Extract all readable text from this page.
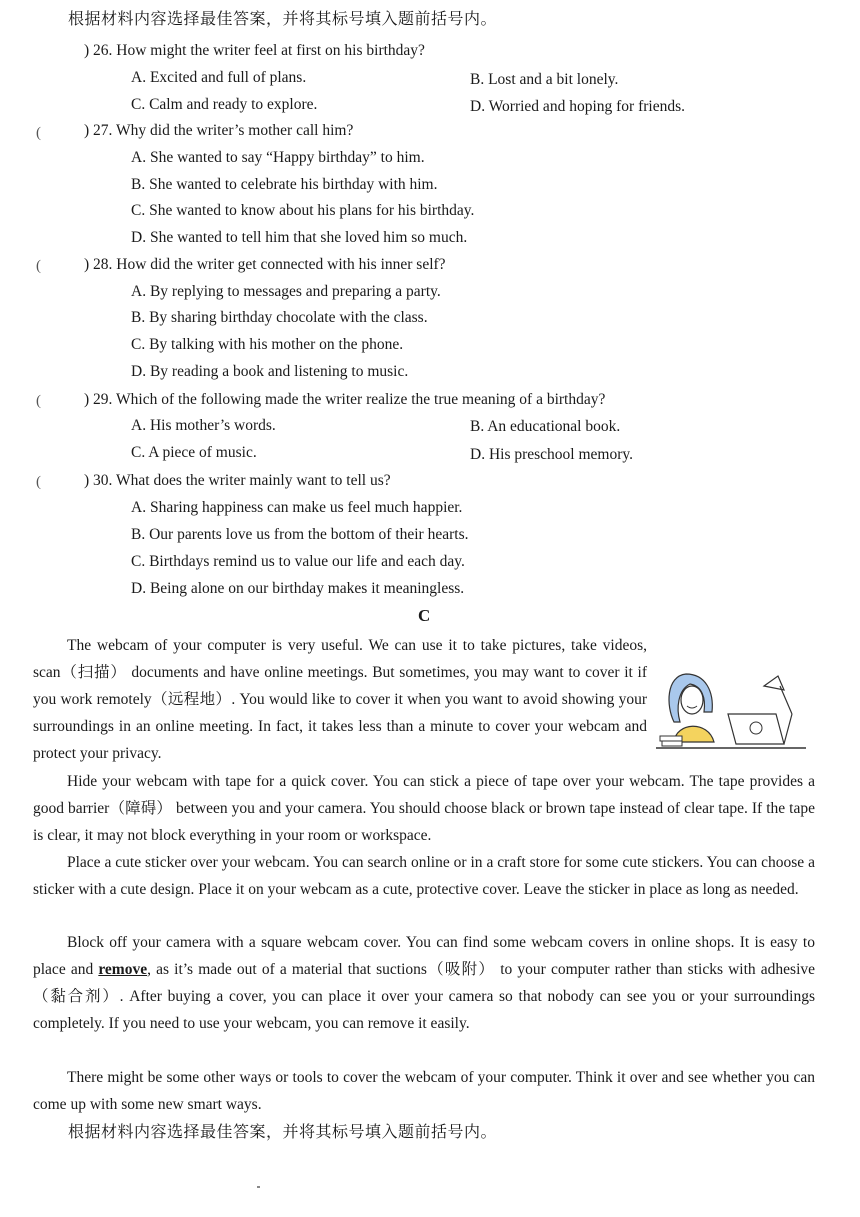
根据材料内容选择最佳答案，并将其标号填入题前括号内。
) 26. How might the writer feel at first on his birthday?
A. Excited and full of plans.	B. Lost and a bit lonely.
C. Calm and ready to explore.	D. Worried and hoping for friends.
(	) 27. Why did the writer’s mother call him?
A. She wanted to say “Happy birthday” to him.
B. She wanted to celebrate his birthday with him.
C. She wanted to know about his plans for his birthday.
D. She wanted to tell him that she loved him so much.
(	) 28. How did the writer get connected with his inner self?
A. By replying to messages and preparing a party.
B. By sharing birthday chocolate with the class.
C. By talking with his mother on the phone.
D. By reading a book and listening to music.
(	) 29. Which of the following made the writer realize the true meaning of a birthday?
A. His mother’s words.	B. An educational book.
C. A piece of music.	D. His preschool memory.
(	) 30. What does the writer mainly want to tell us?
A. Sharing happiness can make us feel much happier.
B. Our parents love us from the bottom of their hearts.
C. Birthdays remind us to value our life and each day.
D. Being alone on our birthday makes it meaningless.
C
The webcam of your computer is very useful. We can use it to take pictures, take videos, scan（扫描） documents and have online meetings. But sometimes, you may want to cover it if you work remotely（远程地）. You would like to cover it when you want to avoid showing your surroundings in an online meeting. In fact, it takes less than a minute to cover your webcam and protect your privacy.
Hide your webcam with tape for a quick cover. You can stick a piece of tape over your webcam. The tape provides a good barrier（障碍） between you and your camera. You should choose black or brown tape instead of clear tape. If the tape is clear, it may not block everything in your room or workspace.
Place a cute sticker over your webcam. You can search online or in a craft store for some cute stickers. You can choose a sticker with a cute design. Place it on your webcam as a cute, protective cover. Leave the sticker in place as long as needed.
Block off your camera with a square webcam cover. You can find some webcam covers in online shops. It is easy to place and remove, as it’s made out of a material that suctions（吸附） to your computer rather than sticks with adhesive（黏合剂）. After buying a cover, you can place it over your camera so that nobody can see you or your surroundings completely. If you need to use your webcam, you can remove it easily.
There might be some other ways or tools to cover the webcam of your computer. Think it over and see whether you can come up with some new smart ways.
根据材料内容选择最佳答案，并将其标号填入题前括号内。
